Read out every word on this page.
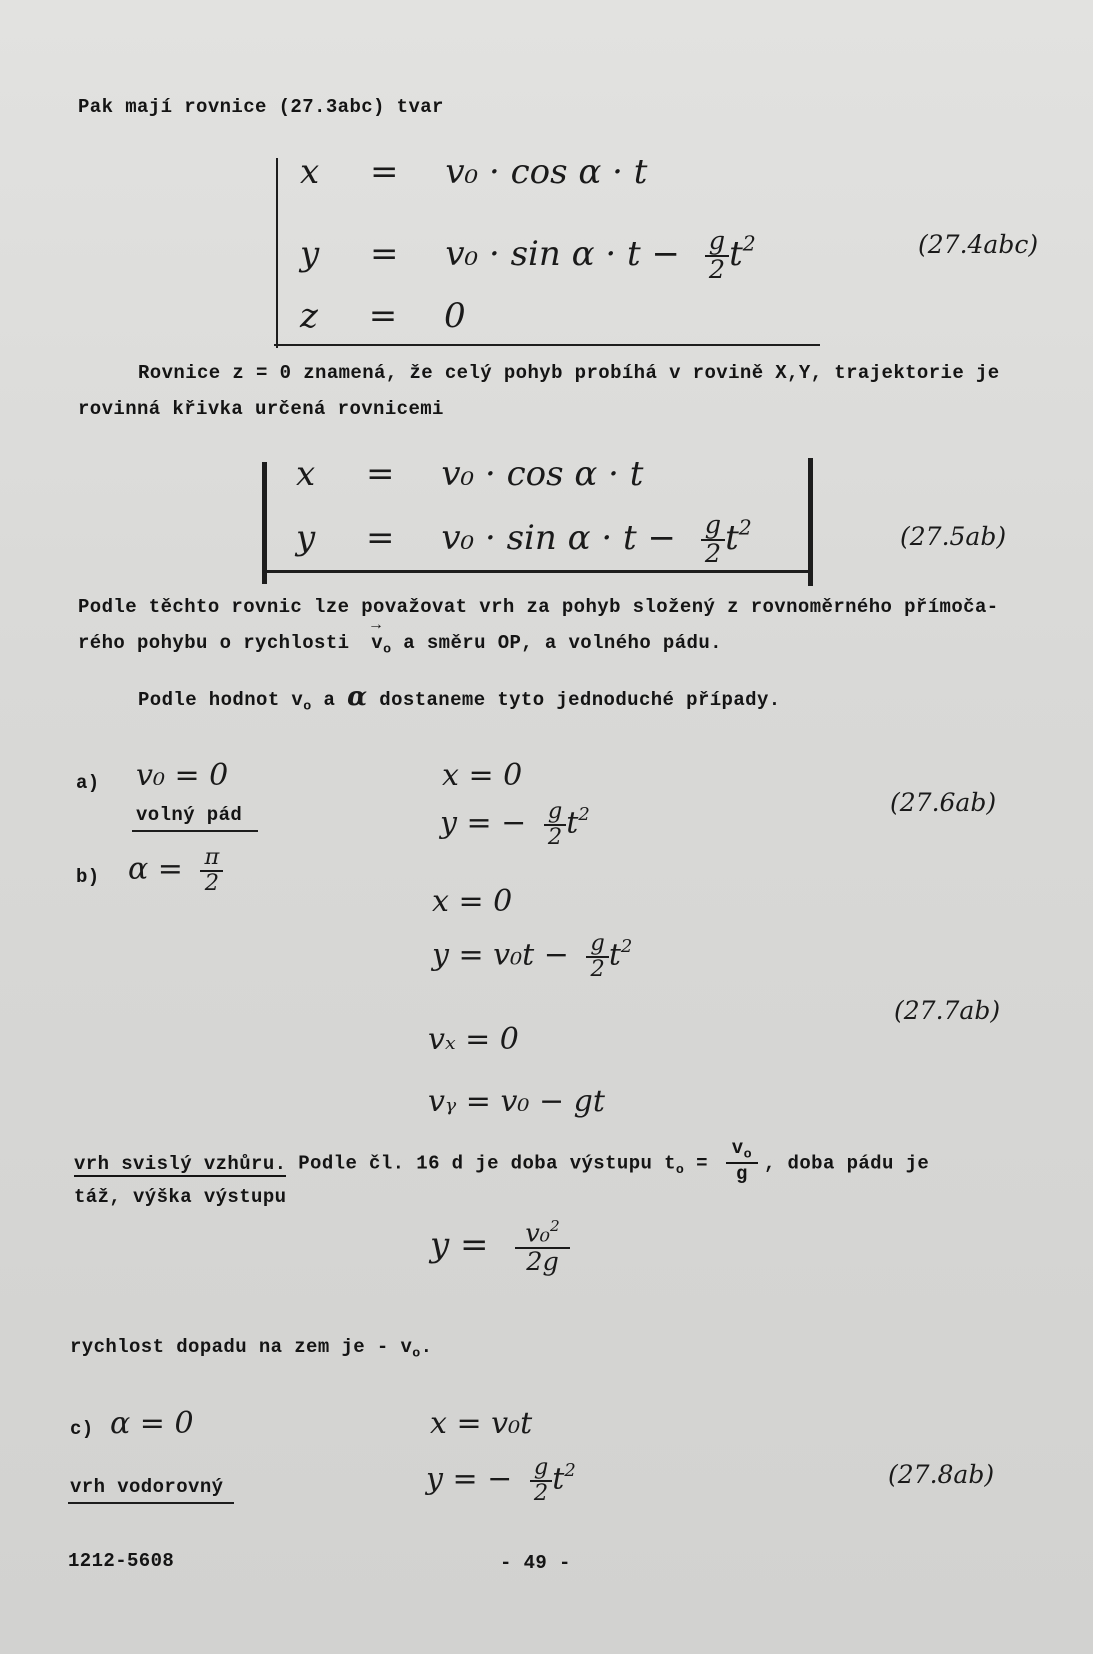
Pak mají rovnice (27.3abc) tvar
x = v₀ · cos α · t
$y = v_0 \cdot \sin \alpha \cdot t - \frac{g}{2} t^2$
z = 0
(27.4abc)
Rovnice z = 0 znamená, že celý pohyb probíhá v rovině X,Y, trajektorie je
rovinná křivka určená rovnicemi
x = v₀ · cos α · t
$y = v_0 \cdot \sin \alpha \cdot t - \frac{g}{2} t^2$	(27.5ab)
Podle těchto rovnic lze považovat vrh za pohyb složený z rovnoměrného přímoča-
rého pohybu o rychlosti → $v_o$ a směru OP, a volného pádu.
Podle hodnot $v_o$ a α dostaneme tyto jednoduché případy.
a) v₀ = 0
volný pád
x = 0
y = − $\frac{g}{2} t^2$	(27.6ab)
b) $\alpha = \frac{\pi}{2}$
x = 0
$y = v_0t - \frac{g}{2} t^2$
vₓ = 0
vᵧ = v₀ − gt
(27.7ab)
vrh svislý vzhůru. Podle čl. 16 d je doba výstupu $t_o = \frac{v_o}{g}$ , doba pádu je
táž, výška výstupu
$y = \frac{v_0^2}{2g}$
rychlost dopadu na zem je - $v_o$.
c) α = 0
vrh vodorovný
x = v₀t
y = − $\frac{g}{2} t^2$	(27.8ab)
1212-5608	- 49 -
